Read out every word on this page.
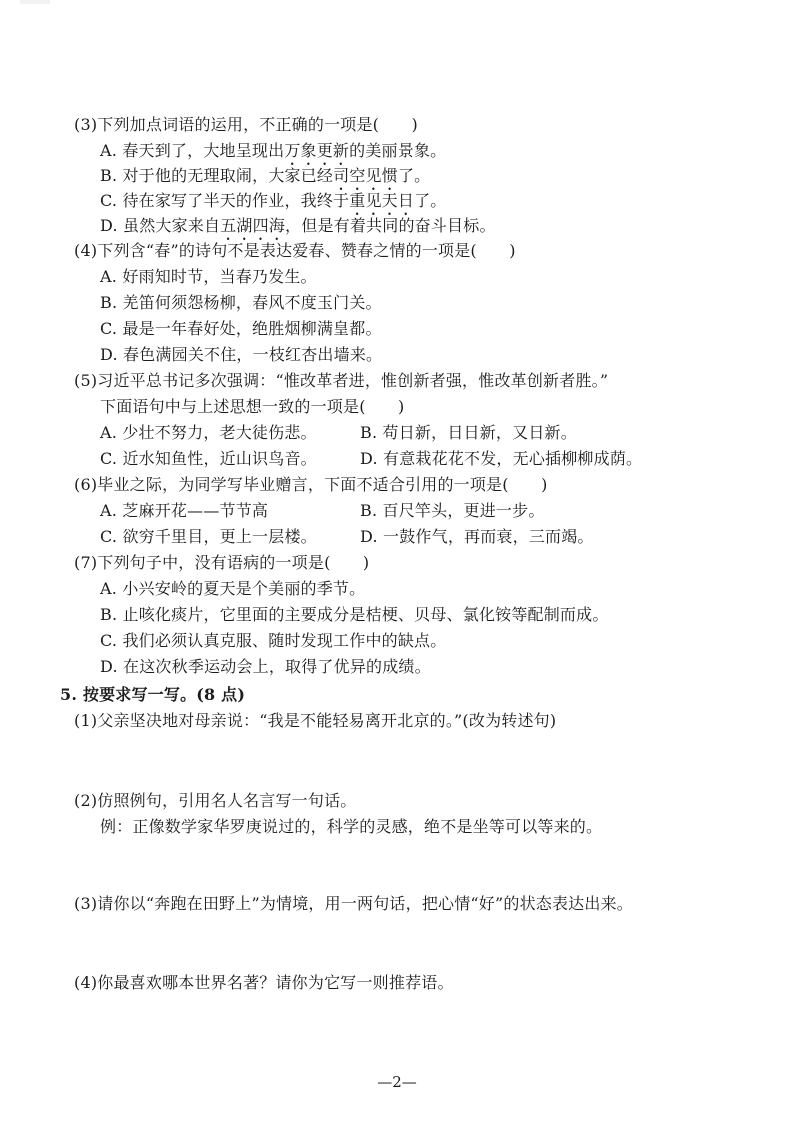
(3)下列加点词语的运用，不正确的一项是(　　)
A. 春天到了，大地呈现出万象更新的美丽景象。
B. 对于他的无理取闹，大家已经司空见惯了。
C. 待在家写了半天的作业，我终于重见天日了。
D. 虽然大家来自五湖四海，但是有着共同的奋斗目标。
(4)下列含“春”的诗句不是表达爱春、赞春之情的一项是(　　)
A. 好雨知时节，当春乃发生。
B. 羌笛何须怨杨柳，春风不度玉门关。
C. 最是一年春好处，绝胜烟柳满皇都。
D. 春色满园关不住，一枝红杏出墙来。
(5)习近平总书记多次强调：“惟改革者进，惟创新者强，惟改革创新者胜。”
下面语句中与上述思想一致的一项是(　　)
A. 少壮不努力，老大徒伤悲。	B. 苟日新，日日新，又日新。
C. 近水知鱼性，近山识鸟音。	D. 有意栽花花不发，无心插柳柳成荫。
(6)毕业之际，为同学写毕业赠言，下面不适合引用的一项是(　　)
A. 芝麻开花——节节高	B. 百尺竿头，更进一步。
C. 欲穷千里目，更上一层楼。	D. 一鼓作气，再而衰，三而竭。
(7)下列句子中，没有语病的一项是(　　)
A. 小兴安岭的夏天是个美丽的季节。
B. 止咳化痰片，它里面的主要成分是桔梗、贝母、氯化铵等配制而成。
C. 我们必须认真克服、随时发现工作中的缺点。
D. 在这次秋季运动会上，取得了优异的成绩。
5. 按要求写一写。(8 点)
(1)父亲坚决地对母亲说：“我是不能轻易离开北京的。”(改为转述句)
(2)仿照例句，引用名人名言写一句话。
例：正像数学家华罗庚说过的，科学的灵感，绝不是坐等可以等来的。
(3)请你以“奔跑在田野上”为情境，用一两句话，把心情“好”的状态表达出来。
(4)你最喜欢哪本世界名著？请你为它写一则推荐语。
—2—
